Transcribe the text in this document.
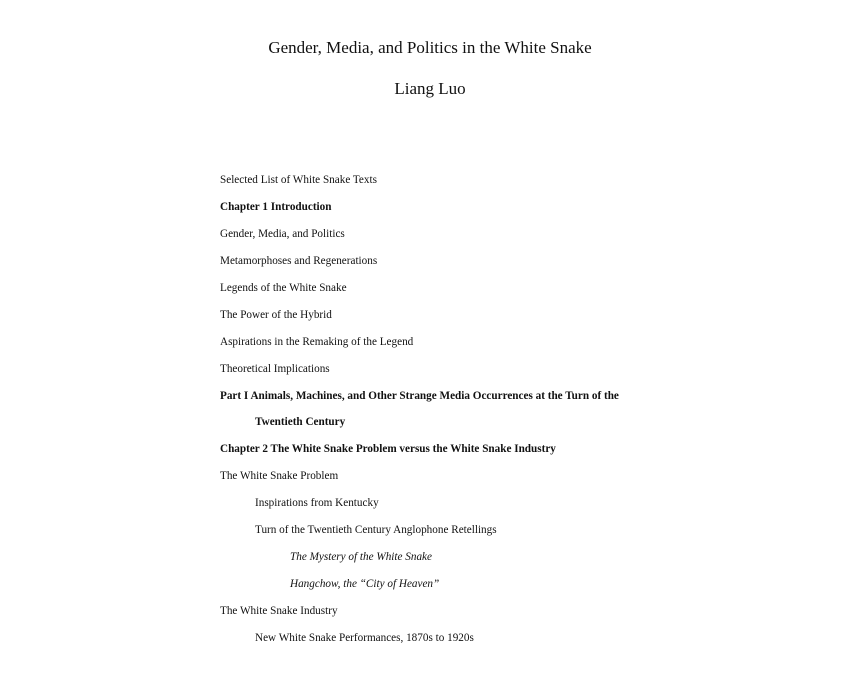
Gender, Media, and Politics in the White Snake
Liang Luo
Selected List of White Snake Texts
Chapter 1 Introduction
Gender, Media, and Politics
Metamorphoses and Regenerations
Legends of the White Snake
The Power of the Hybrid
Aspirations in the Remaking of the Legend
Theoretical Implications
Part I Animals, Machines, and Other Strange Media Occurrences at the Turn of the
Twentieth Century
Chapter 2 The White Snake Problem versus the White Snake Industry
The White Snake Problem
Inspirations from Kentucky
Turn of the Twentieth Century Anglophone Retellings
The Mystery of the White Snake
Hangchow, the “City of Heaven”
The White Snake Industry
New White Snake Performances, 1870s to 1920s
